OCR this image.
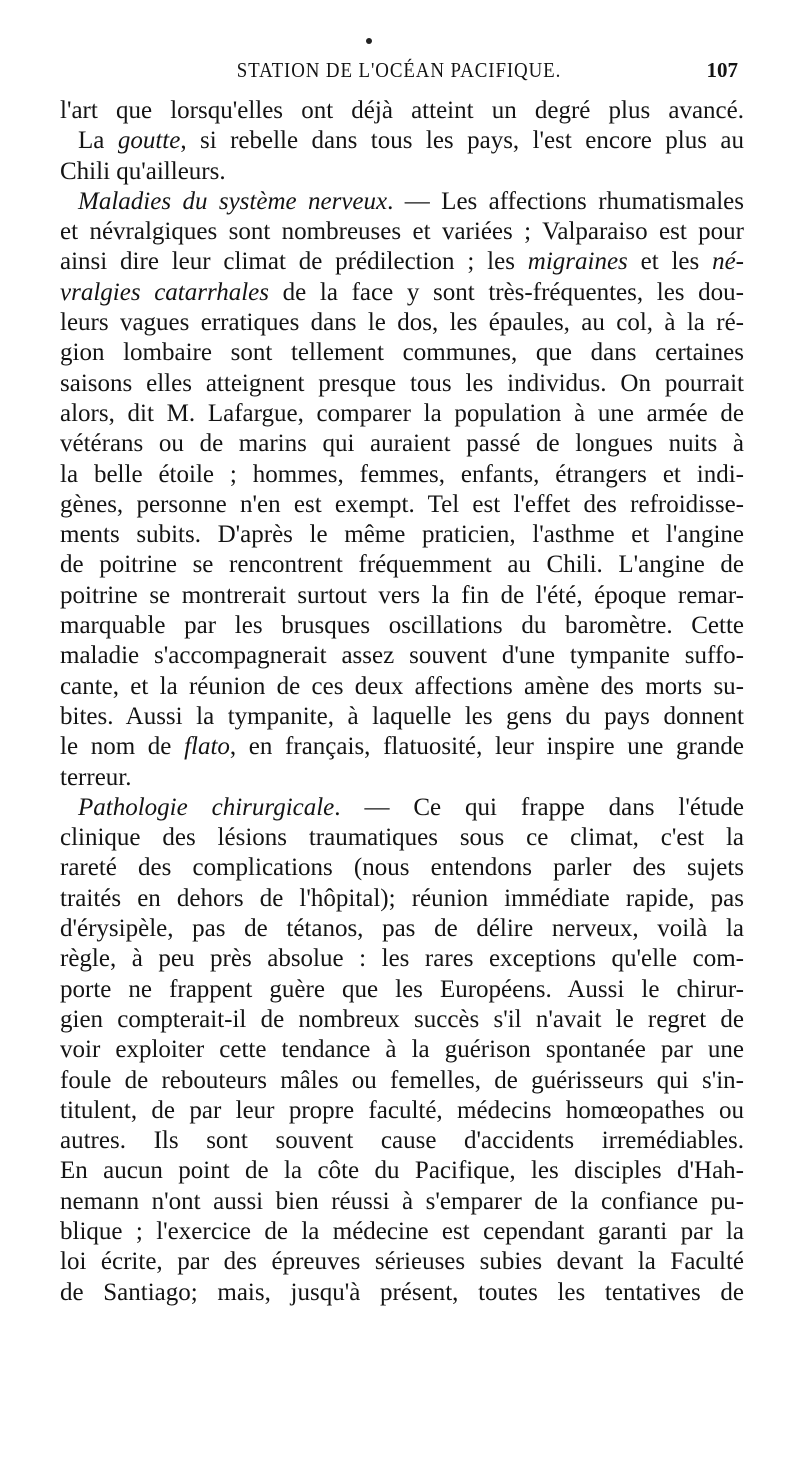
STATION DE L'OCÉAN PACIFIQUE.	107
l'art que lorsqu'elles ont déjà atteint un degré plus avancé.
La goutte, si rebelle dans tous les pays, l'est encore plus au
Chili qu'ailleurs.
Maladies du système nerveux. — Les affections rhumatismales
et névralgiques sont nombreuses et variées ; Valparaiso est pour
ainsi dire leur climat de prédilection ; les migraines et les né-
vralgies catarrhales de la face y sont très-fréquentes, les dou-
leurs vagues erratiques dans le dos, les épaules, au col, à la ré-
gion lombaire sont tellement communes, que dans certaines
saisons elles atteignent presque tous les individus. On pourrait
alors, dit M. Lafargue, comparer la population à une armée de
vétérans ou de marins qui auraient passé de longues nuits à
la belle étoile ; hommes, femmes, enfants, étrangers et indi-
gènes, personne n'en est exempt. Tel est l'effet des refroidisse-
ments subits. D'après le même praticien, l'asthme et l'angine
de poitrine se rencontrent fréquemment au Chili. L'angine de
poitrine se montrerait surtout vers la fin de l'été, époque remar-
marquable par les brusques oscillations du baromètre. Cette
maladie s'accompagnerait assez souvent d'une tympanite suffo-
cante, et la réunion de ces deux affections amène des morts su-
bites. Aussi la tympanite, à laquelle les gens du pays donnent
le nom de flato, en français, flatuosité, leur inspire une grande
terreur.
Pathologie chirurgicale. — Ce qui frappe dans l'étude
clinique des lésions traumatiques sous ce climat, c'est la
rareté des complications (nous entendons parler des sujets
traités en dehors de l'hôpital); réunion immédiate rapide, pas
d'érysipèle, pas de tétanos, pas de délire nerveux, voilà la
règle, à peu près absolue : les rares exceptions qu'elle com-
porte ne frappent guère que les Européens. Aussi le chirur-
gien compterait-il de nombreux succès s'il n'avait le regret de
voir exploiter cette tendance à la guérison spontanée par une
foule de rebouteurs mâles ou femelles, de guérisseurs qui s'in-
titulent, de par leur propre faculté, médecins homœopathes ou
autres. Ils sont souvent cause d'accidents irremédiables.
En aucun point de la côte du Pacifique, les disciples d'Hah-
nemann n'ont aussi bien réussi à s'emparer de la confiance pu-
blique ; l'exercice de la médecine est cependant garanti par la
loi écrite, par des épreuves sérieuses subies devant la Faculté
de Santiago; mais, jusqu'à présent, toutes les tentatives de
